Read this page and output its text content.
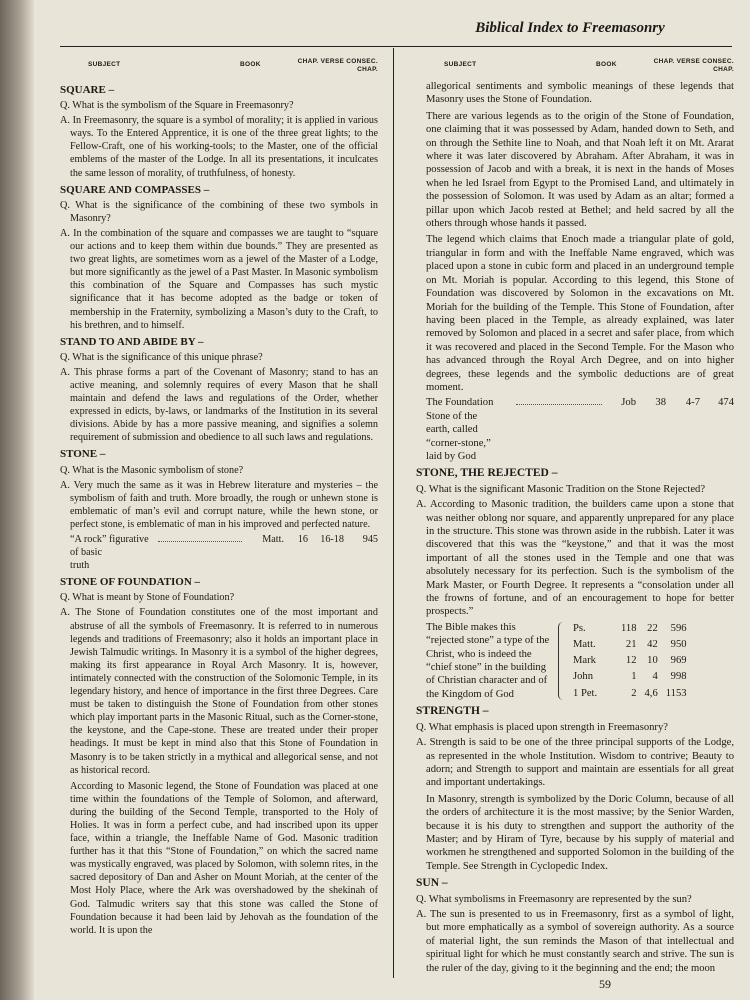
Biblical Index to Freemasonry
SUBJECT	BOOK	CHAP. VERSE CONSEC.
CHAP.
SQUARE –

Q. What is the symbolism of the Square in Freemasonry?

A. In Freemasonry, the square is a symbol of morality; it is applied in various ways. To the Entered Apprentice, it is one of the three great lights; to the Fellow-Craft, one of his working-tools; to the Master, one of the official emblems of the master of the Lodge. In all its presentations, it inculcates the same lesson of morality, of truthfulness, of honesty.

SQUARE AND COMPASSES –

Q. What is the significance of the combining of these two symbols in Masonry?

A. In the combination of the square and compasses we are taught to “square our actions and to keep them within due bounds.” They are presented as two great lights, are sometimes worn as a jewel of the Master of a Lodge, but more significantly as the jewel of a Past Master. In Masonic symbolism this combination of the Square and Compasses has such mystic significance that it has become adopted as the badge or token of membership in the Fraternity, symbolizing a Mason’s duty to the Craft, to his brethren, and to himself.

STAND TO AND ABIDE BY –

Q. What is the significance of this unique phrase?

A. This phrase forms a part of the Covenant of Masonry; stand to has an active meaning, and solemnly requires of every Mason that he shall maintain and defend the laws and regulations of the Order, whether expressed in edicts, by-laws, or landmarks of the Institution in its several divisions. Abide by has a more passive meaning, and signifies a solemn requirement of submission and obedience to all such laws and regulations.

STONE –

Q. What is the Masonic symbolism of stone?

A. Very much the same as it was in Hebrew literature and mysteries – the symbolism of faith and truth. More broadly, the rough or unhewn stone is emblematic of man’s evil and corrupt nature, while the hewn stone, or perfect stone, is emblematic of man in his improved and perfected nature.

“A rock” figurative of basic
truth
Matt.	16	16-18	945
STONE OF FOUNDATION –

Q. What is meant by Stone of Foundation?

A. The Stone of Foundation constitutes one of the most important and abstruse of all the symbols of Freemasonry. It is referred to in numerous legends and traditions of Freemasonry; also it holds an important place in Jewish Talmudic writings. In Masonry it is a symbol of the higher degrees, making its first appearance in Royal Arch Masonry. It is, however, intimately connected with the construction of the Solomonic Temple, in its legendary history, and hence of importance in the first three Degrees. Care must be taken to distinguish the Stone of Foundation from other stones which play important parts in the Masonic Ritual, such as the Corner-stone, the keystone, and the Cape-stone. These are treated under their proper headings. It must be kept in mind also that this Stone of Foundation in Masonry is to be taken strictly in a mythical and allegorical sense, and not as historical record.

According to Masonic legend, the Stone of Foundation was placed at one time within the foundations of the Temple of Solomon, and afterward, during the building of the Second Temple, transported to the Holy of Holies. It was in form a perfect cube, and had inscribed upon its upper face, within a triangle, the Ineffable Name of God. Masonic tradition further has it that this “Stone of Foundation,” on which the sacred name was mystically engraved, was placed by Solomon, with solemn rites, in the sacred depository of Dan and Asher on Mount Moriah, at the center of the Most Holy Place, where the Ark was overshadowed by the shekinah of God. Talmudic writers say that this stone was called the Stone of Foundation because it had been laid by Jehovah as the foundation of the world. It is upon the

SUBJECT	BOOK	CHAP. VERSE CONSEC.
CHAP.

allegorical sentiments and symbolic meanings of these legends that Masonry uses the Stone of Foundation.

There are various legends as to the origin of the Stone of Foundation, one claiming that it was possessed by Adam, handed down to Seth, and on through the Sethite line to Noah, and that Noah left it on Mt. Ararat where it was later discovered by Abraham. After Abraham, it was in possession of Jacob and with a break, it is next in the hands of Moses when he led Israel from Egypt to the Promised Land, and ultimately in the possession of Solomon. It was used by Adam as an altar; formed a pillar upon which Jacob rested at Bethel; and held sacred by all the others through whose hands it passed.

The legend which claims that Enoch made a triangular plate of gold, triangular in form and with the Ineffable Name engraved, which was placed upon a stone in cubic form and placed in an underground temple on Mt. Moriah is popular. According to this legend, this Stone of Foundation was discovered by Solomon in the excavations on Mt. Moriah for the building of the Temple. This Stone of Foundation, after having been placed in the Temple, as already explained, was later removed by Solomon and placed in a secret and safer place, from which it was recovered and placed in the Second Temple. For the Mason who has advanced through the Royal Arch Degree, and on into higher degrees, these legends and the symbolic deductions are of great moment.

The Foundation Stone of the
earth, called “corner-stone,”
laid by God
Job	38	4-7	474
STONE, THE REJECTED –

Q. What is the significant Masonic Tradition on the Stone Rejected?

A. According to Masonic tradition, the builders came upon a stone that was neither oblong nor square, and apparently unprepared for any place in the structure. This stone was thrown aside in the rubbish. Later it was discovered that this was the “keystone,” and that it was the most important of all the stones used in the Temple and one that was absolutely necessary for its perfection. Such is the symbolism of the Mark Master, or Fourth Degree. It represents a “consolation under all the frowns of fortune, and of an encouragement to hope for better prospects.”

The Bible makes this “rejected stone” a type of the Christ, who is indeed the “chief stone” in the building of Christian character and of the Kingdom of God
Ps.	118	22	596
Matt.	21	42	950
Mark	12	10	969
John	1	4	998
1 Pet.	2	4,6	1153
STRENGTH –

Q. What emphasis is placed upon strength in Freemasonry?

A. Strength is said to be one of the three principal supports of the Lodge, as represented in the whole Institution. Wisdom to contrive; Beauty to adorn; and Strength to support and maintain are essentials for all great and important undertakings.

In Masonry, strength is symbolized by the Doric Column, because of all the orders of architecture it is the most massive; by the Senior Warden, because it is his duty to strengthen and support the authority of the Master; and by Hiram of Tyre, because by his supply of material and workmen he strengthened and supported Solomon in the building of the Temple. See Strength in Cyclopedic Index.

SUN –

Q. What symbolisms in Freemasonry are represented by the sun?

A. The sun is presented to us in Freemasonry, first as a symbol of light, but more emphatically as a symbol of sovereign authority. As a source of material light, the sun reminds the Mason of that intellectual and spiritual light for which he must constantly search and strive. The sun is the ruler of the day, giving to it the beginning and the end; the moon

59
